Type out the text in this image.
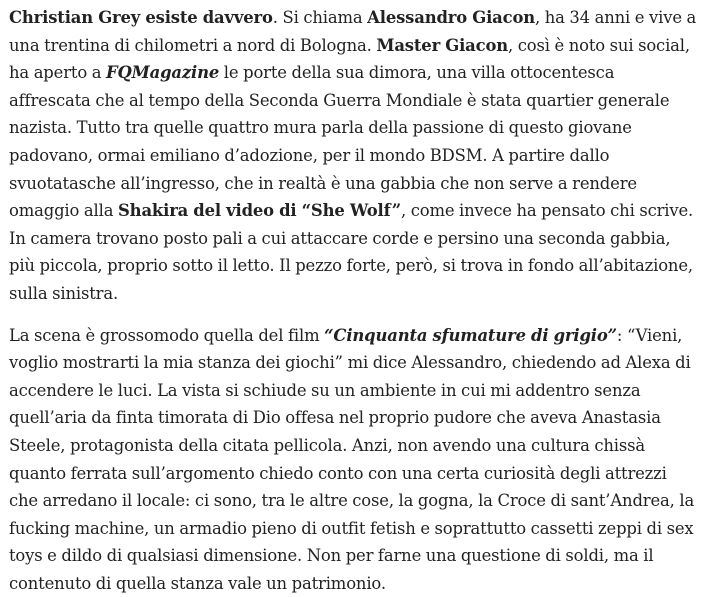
Christian Grey esiste davvero. Si chiama Alessandro Giacon, ha 34 anni e vive a una trentina di chilometri a nord di Bologna. Master Giacon, così è noto sui social, ha aperto a FQMagazine le porte della sua dimora, una villa ottocentesca affrescata che al tempo della Seconda Guerra Mondiale è stata quartier generale nazista. Tutto tra quelle quattro mura parla della passione di questo giovane padovano, ormai emiliano d’adozione, per il mondo BDSM. A partire dallo svuotatasche all’ingresso, che in realtà è una gabbia che non serve a rendere omaggio alla Shakira del video di “She Wolf”, come invece ha pensato chi scrive. In camera trovano posto pali a cui attaccare corde e persino una seconda gabbia, più piccola, proprio sotto il letto. Il pezzo forte, però, si trova in fondo all’abitazione, sulla sinistra.

La scena è grossomodo quella del film “Cinquanta sfumature di grigio”: “Vieni, voglio mostrarti la mia stanza dei giochi” mi dice Alessandro, chiedendo ad Alexa di accendere le luci. La vista si schiude su un ambiente in cui mi addentro senza quell’aria da finta timorata di Dio offesa nel proprio pudore che aveva Anastasia Steele, protagonista della citata pellicola. Anzi, non avendo una cultura chissà quanto ferrata sull’argomento chiedo conto con una certa curiosità degli attrezzi che arredano il locale: ci sono, tra le altre cose, la gogna, la Croce di sant’Andrea, la fucking machine, un armadio pieno di outfit fetish e soprattutto cassetti zeppi di sex toys e dildo di qualsiasi dimensione. Non per farne una questione di soldi, ma il contenuto di quella stanza vale un patrimonio.
